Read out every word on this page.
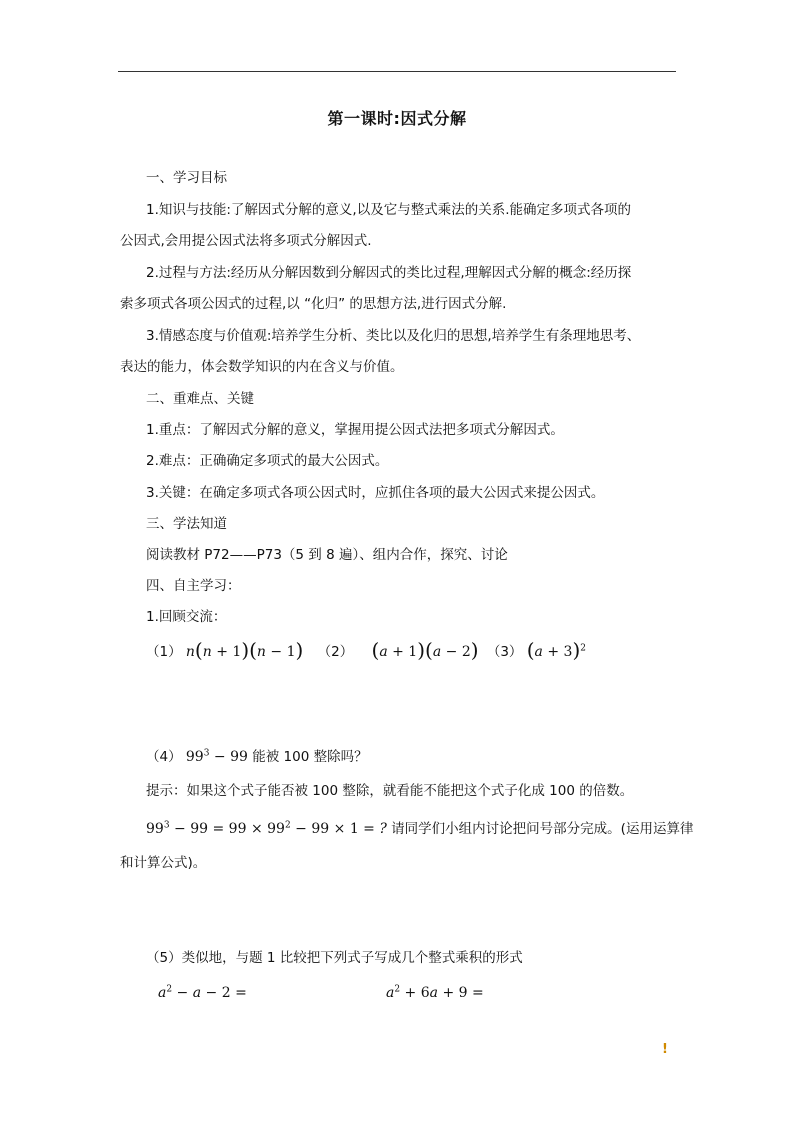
第一课时:因式分解
一、学习目标
1.知识与技能:了解因式分解的意义,以及它与整式乘法的关系.能确定多项式各项的
公因式,会用提公因式法将多项式分解因式.
2.过程与方法:经历从分解因数到分解因式的类比过程,理解因式分解的概念:经历探
索多项式各项公因式的过程,以 “化归” 的思想方法,进行因式分解.
3.情感态度与价值观:培养学生分析、类比以及化归的思想,培养学生有条理地思考、
表达的能力，体会数学知识的内在含义与价值。
二、重难点、关键
1.重点：了解因式分解的意义，掌握用提公因式法把多项式分解因式。
2.难点：正确确定多项式的最大公因式。
3.关键：在确定多项式各项公因式时，应抓住各项的最大公因式来提公因式。
三、学法知道
阅读教材 P72——P73（5 到 8 遍）、组内合作，探究、讨论
四、自主学习：
1.回顾交流：
（1） n(n + 1)(n − 1) （2） (a + 1)(a − 2) （3） $(a + 3)^2$
（4） $99^3 - 99$ 能被 100 整除吗？
提示：如果这个式子能否被 100 整除，就看能不能把这个式子化成 100 的倍数。
$99^3 - 99 = 99 \times 99^2 - 99 \times 1$ = ? 请同学们小组内讨论把问号部分完成。(运用运算律
和计算公式)。
（5）类似地，与题 1 比较把下列式子写成几个整式乘积的形式
$a^2 - a - 2$ =	$a^2 + 6a + 9$ =
!
